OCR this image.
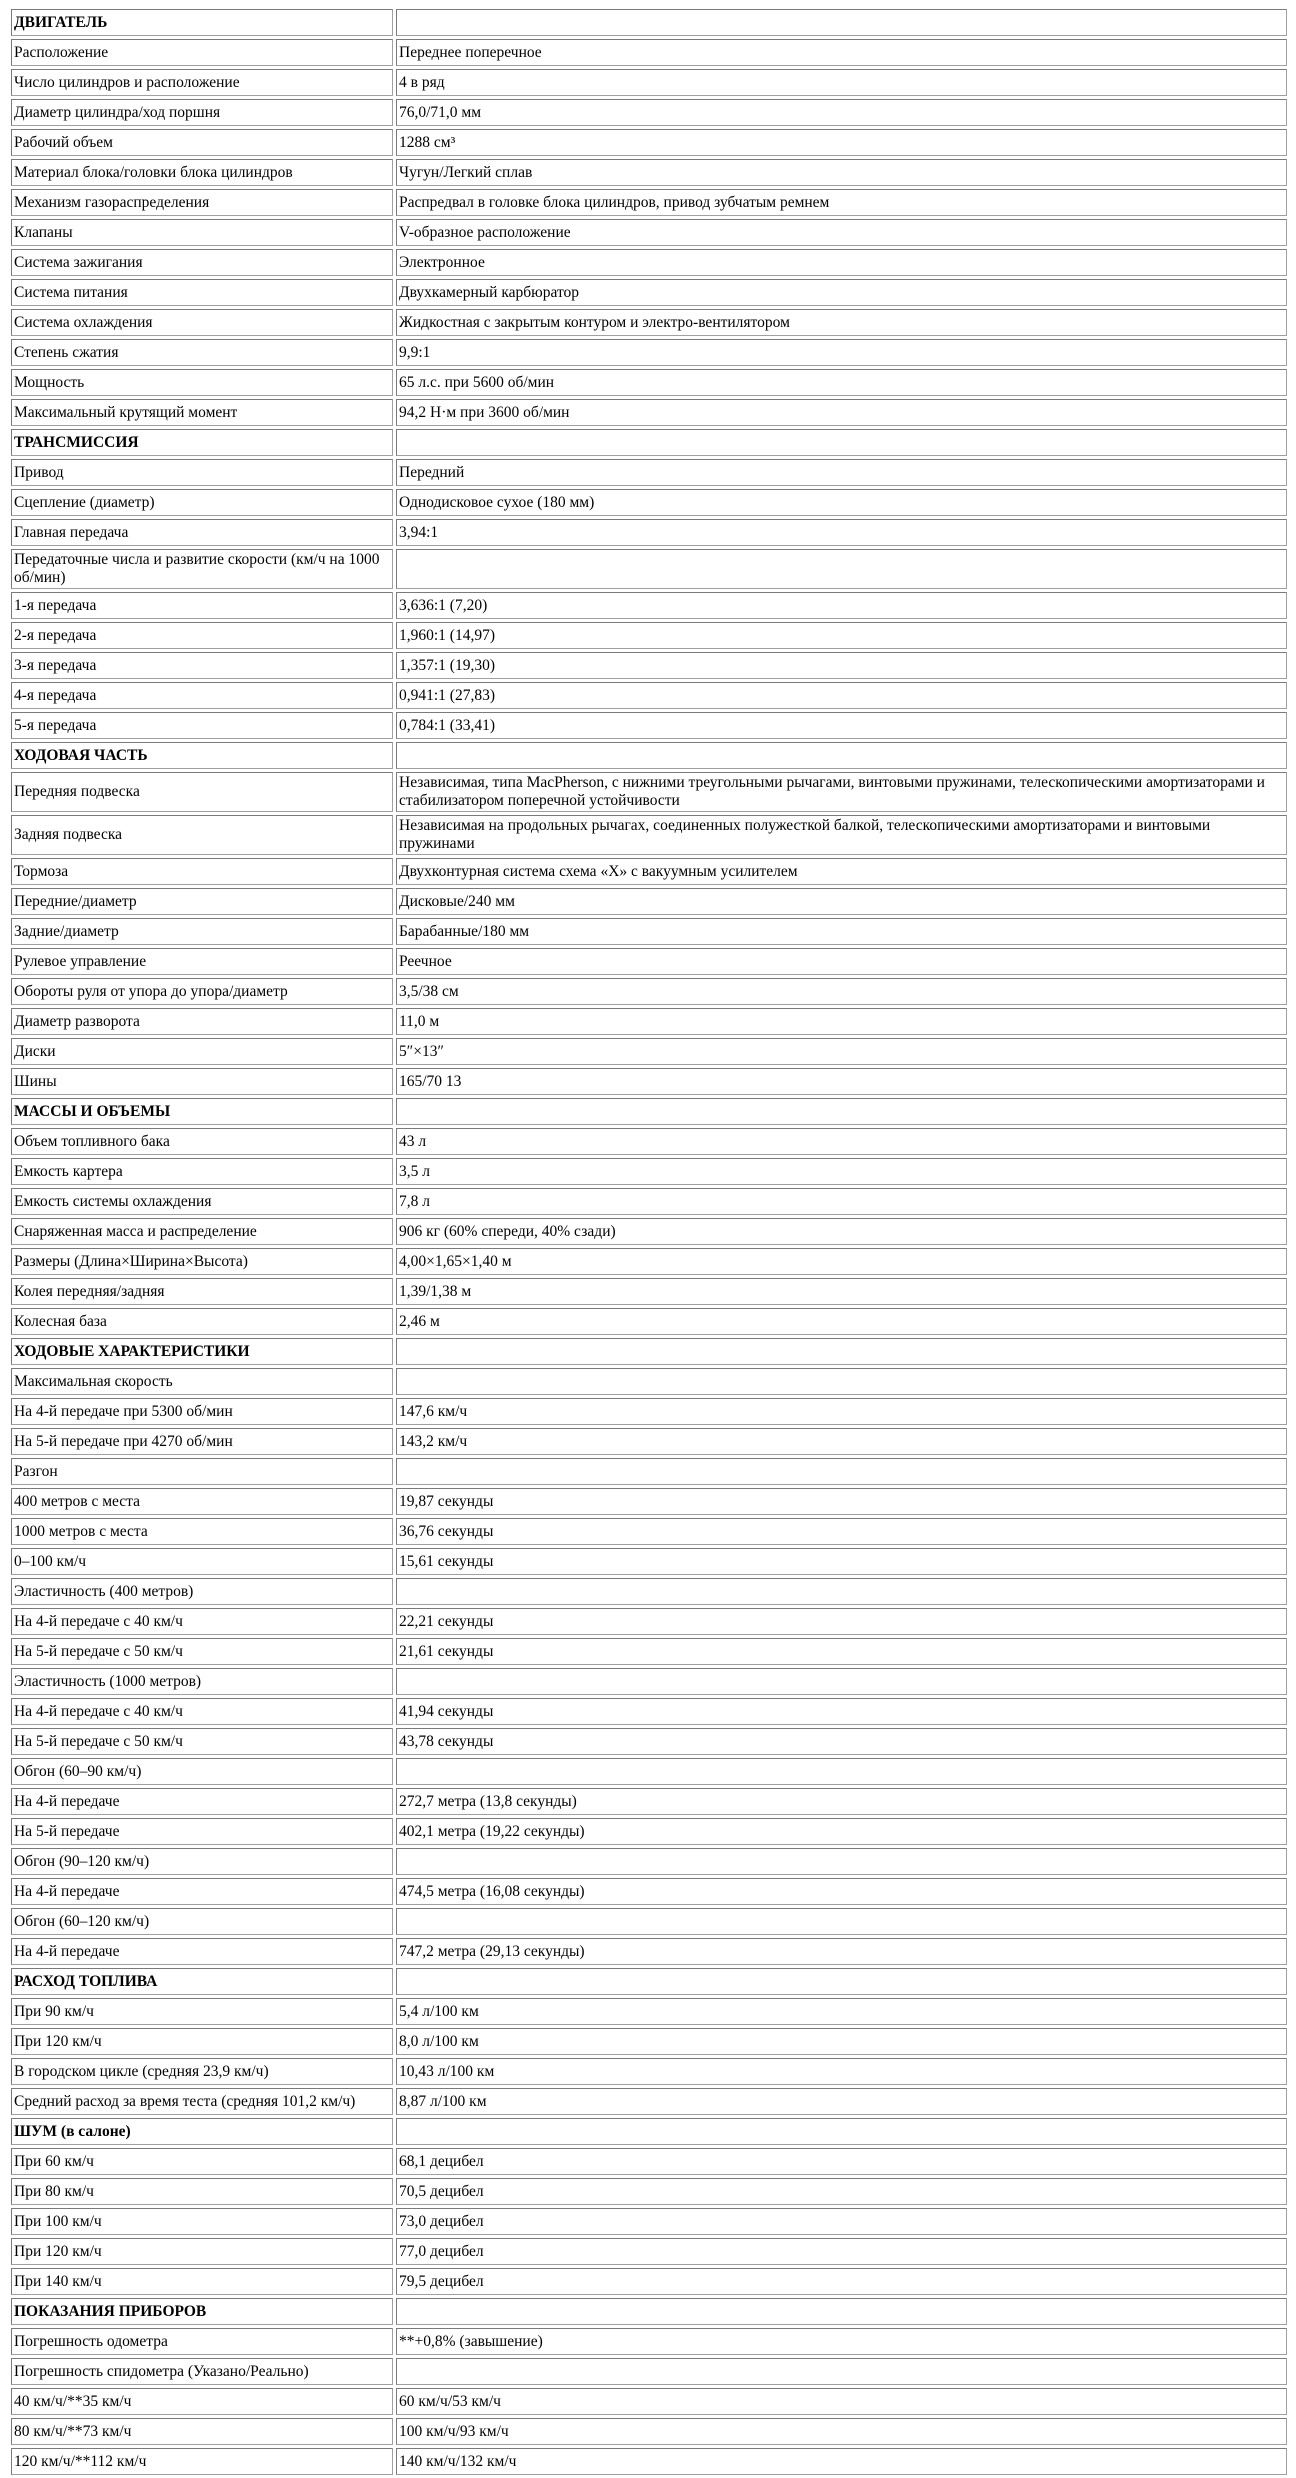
ДВИГАТЕЛЬ	
Расположение	Переднее поперечное
Число цилиндров и расположение	4 в ряд
Диаметр цилиндра/ход поршня	76,0/71,0 мм
Рабочий объем	1288 см³
Материал блока/головки блока цилиндров	Чугун/Легкий сплав
Механизм газораспределения	Распредвал в головке блока цилиндров, привод зубчатым ремнем
Клапаны	V-образное расположение
Система зажигания	Электронное
Система питания	Двухкамерный карбюратор
Система охлаждения	Жидкостная с закрытым контуром и электро-вентилятором
Степень сжатия	9,9:1
Мощность	65 л.с. при 5600 об/мин
Максимальный крутящий момент	94,2 Н·м при 3600 об/мин
ТРАНСМИССИЯ	
Привод	Передний
Сцепление (диаметр)	Однодисковое сухое (180 мм)
Главная передача	3,94:1
Передаточные числа и развитие скорости (км/ч на 1000 об/мин)	
1-я передача	3,636:1 (7,20)
2-я передача	1,960:1 (14,97)
3-я передача	1,357:1 (19,30)
4-я передача	0,941:1 (27,83)
5-я передача	0,784:1 (33,41)
ХОДОВАЯ ЧАСТЬ	
Передняя подвеска	Независимая, типа MacPherson, с нижними треугольными рычагами, винтовыми пружинами, телескопическими амортизаторами и стабилизатором поперечной устойчивости
Задняя подвеска	Независимая на продольных рычагах, соединенных полужесткой балкой, телескопическими амортизаторами и винтовыми пружинами
Тормоза	Двухконтурная система схема «Х» с вакуумным усилителем
Передние/диаметр	Дисковые/240 мм
Задние/диаметр	Барабанные/180 мм
Рулевое управление	Реечное
Обороты руля от упора до упора/диаметр	3,5/38 см
Диаметр разворота	11,0 м
Диски	5″×13″
Шины	165/70 13
МАССЫ И ОБЪЕМЫ	
Объем топливного бака	43 л
Емкость картера	3,5 л
Емкость системы охлаждения	7,8 л
Снаряженная масса и распределение	906 кг (60% спереди, 40% сзади)
Размеры (Длина×Ширина×Высота)	4,00×1,65×1,40 м
Колея передняя/задняя	1,39/1,38 м
Колесная база	2,46 м
ХОДОВЫЕ ХАРАКТЕРИСТИКИ	
Максимальная скорость	
На 4-й передаче при 5300 об/мин	147,6 км/ч
На 5-й передаче при 4270 об/мин	143,2 км/ч
Разгон	
400 метров с места	19,87 секунды
1000 метров с места	36,76 секунды
0–100 км/ч	15,61 секунды
Эластичность (400 метров)	
На 4-й передаче с 40 км/ч	22,21 секунды
На 5-й передаче с 50 км/ч	21,61 секунды
Эластичность (1000 метров)	
На 4-й передаче с 40 км/ч	41,94 секунды
На 5-й передаче с 50 км/ч	43,78 секунды
Обгон (60–90 км/ч)	
На 4-й передаче	272,7 метра (13,8 секунды)
На 5-й передаче	402,1 метра (19,22 секунды)
Обгон (90–120 км/ч)	
На 4-й передаче	474,5 метра (16,08 секунды)
Обгон (60–120 км/ч)	
На 4-й передаче	747,2 метра (29,13 секунды)
РАСХОД ТОПЛИВА	
При 90 км/ч	5,4 л/100 км
При 120 км/ч	8,0 л/100 км
В городском цикле (средняя 23,9 км/ч)	10,43 л/100 км
Средний расход за время теста (средняя 101,2 км/ч)	8,87 л/100 км
ШУМ (в салоне)	
При 60 км/ч	68,1 децибел
При 80 км/ч	70,5 децибел
При 100 км/ч	73,0 децибел
При 120 км/ч	77,0 децибел
При 140 км/ч	79,5 децибел
ПОКАЗАНИЯ ПРИБОРОВ	
Погрешность одометра	**+0,8% (завышение)
Погрешность спидометра (Указано/Реально)	
40 км/ч/**35 км/ч	60 км/ч/53 км/ч
80 км/ч/**73 км/ч	100 км/ч/93 км/ч
120 км/ч/**112 км/ч	140 км/ч/132 км/ч
